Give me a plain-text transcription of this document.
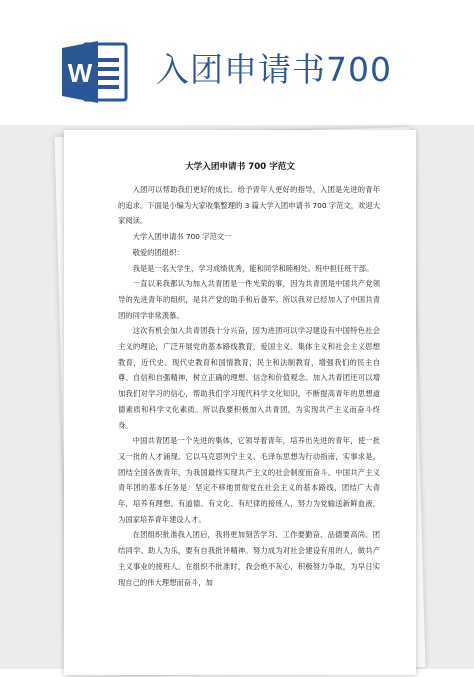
W 入团申请书700
大学入团申请书 700 字范文

入团可以帮助我们更好的成长、给予青年人更好的指导，入团是先进的青年的追求。下面是小编为大家收集整理的 3 篇大学入团申请书 700 字范文，欢迎大家阅读。

大学入团申请书 700 字范文一

敬爱的团组织：

我是是一名大学生，学习成绩优秀，能和同学和睦相处。班中担任班干部。

一直以来我都认为加入共青团是一件光荣的事，因为共青团是中国共产党领导的先进青年的组织，是共产党的助手和后备军。所以我对已经加入了中国共青团的同学非常羡慕。

这次有机会加入共青团我十分兴奋，因为进团可以学习建设有中国特色社会主义的理论，广泛开展党的基本路线教育，爱国主义、集体主义和社会主义思想教育，近代史、现代史教育和国情教育，民主和法制教育，增强我们的民主自尊、自信和自强精神，树立正确的理想、信念和价值观念。加入共青团还可以增加我们对学习的信心，帮助我们学习现代科学文化知识，不断提高青年的思想道德素质和科学文化素质。所以我要积极加入共青团，为实现共产主义而奋斗终身。

中国共青团是一个先进的集体，它领导着青年，培养出先进的青年，使一批又一批的人才涌现。它以马克思列宁主义、毛泽东思想为行动指南，实事求是，团结全国各族青年，为我国最终实现共产主义的社会制度而奋斗。中国共产主义青年团的基本任务是：坚定不移地贯彻党在社会主义的基本路线，团结广大青年，培养有理想、有道德、有文化、有纪律的接班人，努力为党输送新鲜血液，为国家培养青年建设人才。

在团组织批准我入团后，我将更加刻苦学习、工作要勤奋、品德要高尚、团结同学、助人为乐，要有自我批评精神。努力成为对社会建设有用的人，做共产主义事业的接班人。在组织不批准时，我会绝不灰心，积极努力争取，为早日实现自己的伟大理想而奋斗，加
